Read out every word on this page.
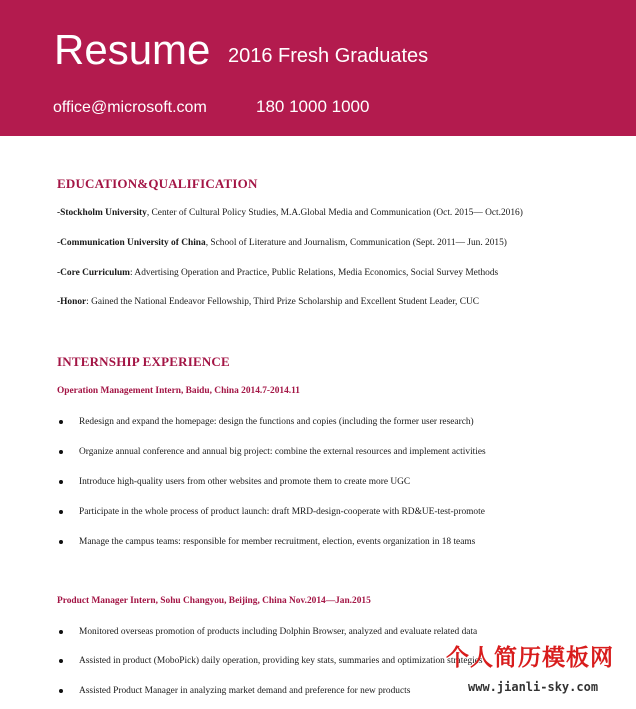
Resume 2016 Fresh Graduates
office@microsoft.com	180 1000 1000
EDUCATION&QUALIFICATION
-Stockholm University, Center of Cultural Policy Studies, M.A.Global Media and Communication (Oct. 2015— Oct.2016)
-Communication University of China, School of Literature and Journalism, Communication (Sept. 2011— Jun. 2015)
-Core Curriculum: Advertising Operation and Practice, Public Relations, Media Economics, Social Survey Methods
-Honor: Gained the National Endeavor Fellowship, Third Prize Scholarship and Excellent Student Leader, CUC
INTERNSHIP EXPERIENCE
Operation Management Intern, Baidu, China 2014.7-2014.11
Redesign and expand the homepage: design the functions and copies (including the former user research)
Organize annual conference and annual big project: combine the external resources and implement activities
Introduce high-quality users from other websites and promote them to create more UGC
Participate in the whole process of product launch: draft MRD-design-cooperate with RD&UE-test-promote
Manage the campus teams: responsible for member recruitment, election, events organization in 18 teams
Product Manager Intern, Sohu Changyou, Beijing, China Nov.2014—Jan.2015
Monitored overseas promotion of products including Dolphin Browser, analyzed and evaluate related data
Assisted in product (MoboPick) daily operation, providing key stats, summaries and optimization strategies
Assisted Product Manager in analyzing market demand and preference for new products
个人简历模板网
www.jianli-sky.com
